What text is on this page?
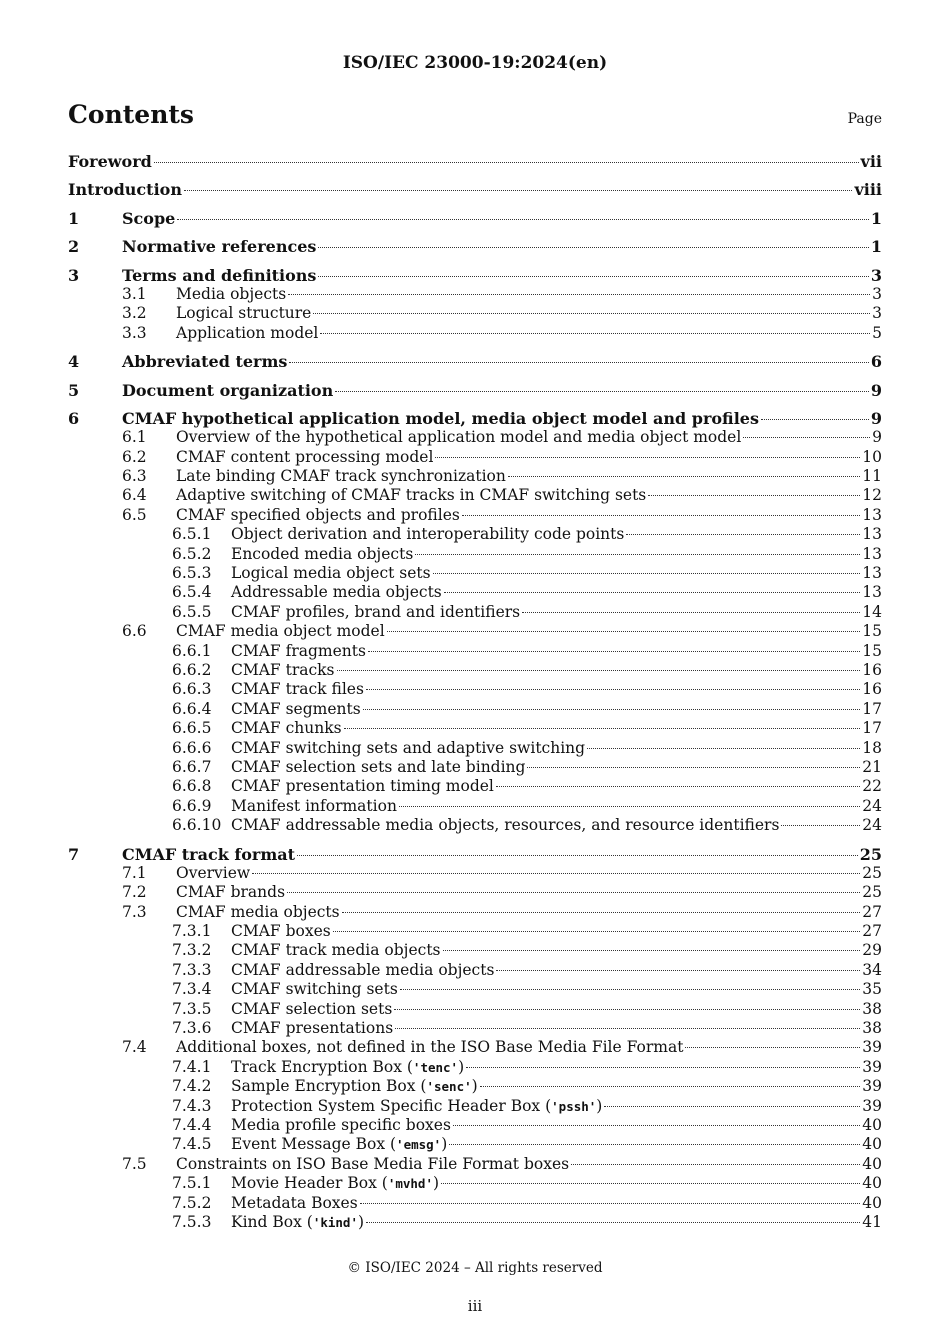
ISO/IEC 23000-19:2024(en)
Contents	Page
Foreword	vii
Introduction	viii
1	Scope	1
2	Normative references	1
3	Terms and definitions	3
3.1	Media objects	3
3.2	Logical structure	3
3.3	Application model	5
4	Abbreviated terms	6
5	Document organization	9
6	CMAF hypothetical application model, media object model and profiles	9
6.1	Overview of the hypothetical application model and media object model	9
6.2	CMAF content processing model	10
6.3	Late binding CMAF track synchronization	11
6.4	Adaptive switching of CMAF tracks in CMAF switching sets	12
6.5	CMAF specified objects and profiles	13
6.5.1	Object derivation and interoperability code points	13
6.5.2	Encoded media objects	13
6.5.3	Logical media object sets	13
6.5.4	Addressable media objects	13
6.5.5	CMAF profiles, brand and identifiers	14
6.6	CMAF media object model	15
6.6.1	CMAF fragments	15
6.6.2	CMAF tracks	16
6.6.3	CMAF track files	16
6.6.4	CMAF segments	17
6.6.5	CMAF chunks	17
6.6.6	CMAF switching sets and adaptive switching	18
6.6.7	CMAF selection sets and late binding	21
6.6.8	CMAF presentation timing model	22
6.6.9	Manifest information	24
6.6.10 CMAF addressable media objects, resources, and resource identifiers	24
7	CMAF track format	25
7.1	Overview	25
7.2	CMAF brands	25
7.3	CMAF media objects	27
7.3.1	CMAF boxes	27
7.3.2	CMAF track media objects	29
7.3.3	CMAF addressable media objects	34
7.3.4	CMAF switching sets	35
7.3.5	CMAF selection sets	38
7.3.6	CMAF presentations	38
7.4	Additional boxes, not defined in the ISO Base Media File Format	39
7.4.1	Track Encryption Box ('tenc')	39
7.4.2	Sample Encryption Box ('senc')	39
7.4.3	Protection System Specific Header Box ('pssh')	39
7.4.4	Media profile specific boxes	40
7.4.5	Event Message Box ('emsg')	40
7.5	Constraints on ISO Base Media File Format boxes	40
7.5.1	Movie Header Box ('mvhd')	40
7.5.2	Metadata Boxes	40
7.5.3	Kind Box ('kind')	41
© ISO/IEC 2024 – All rights reserved
iii
